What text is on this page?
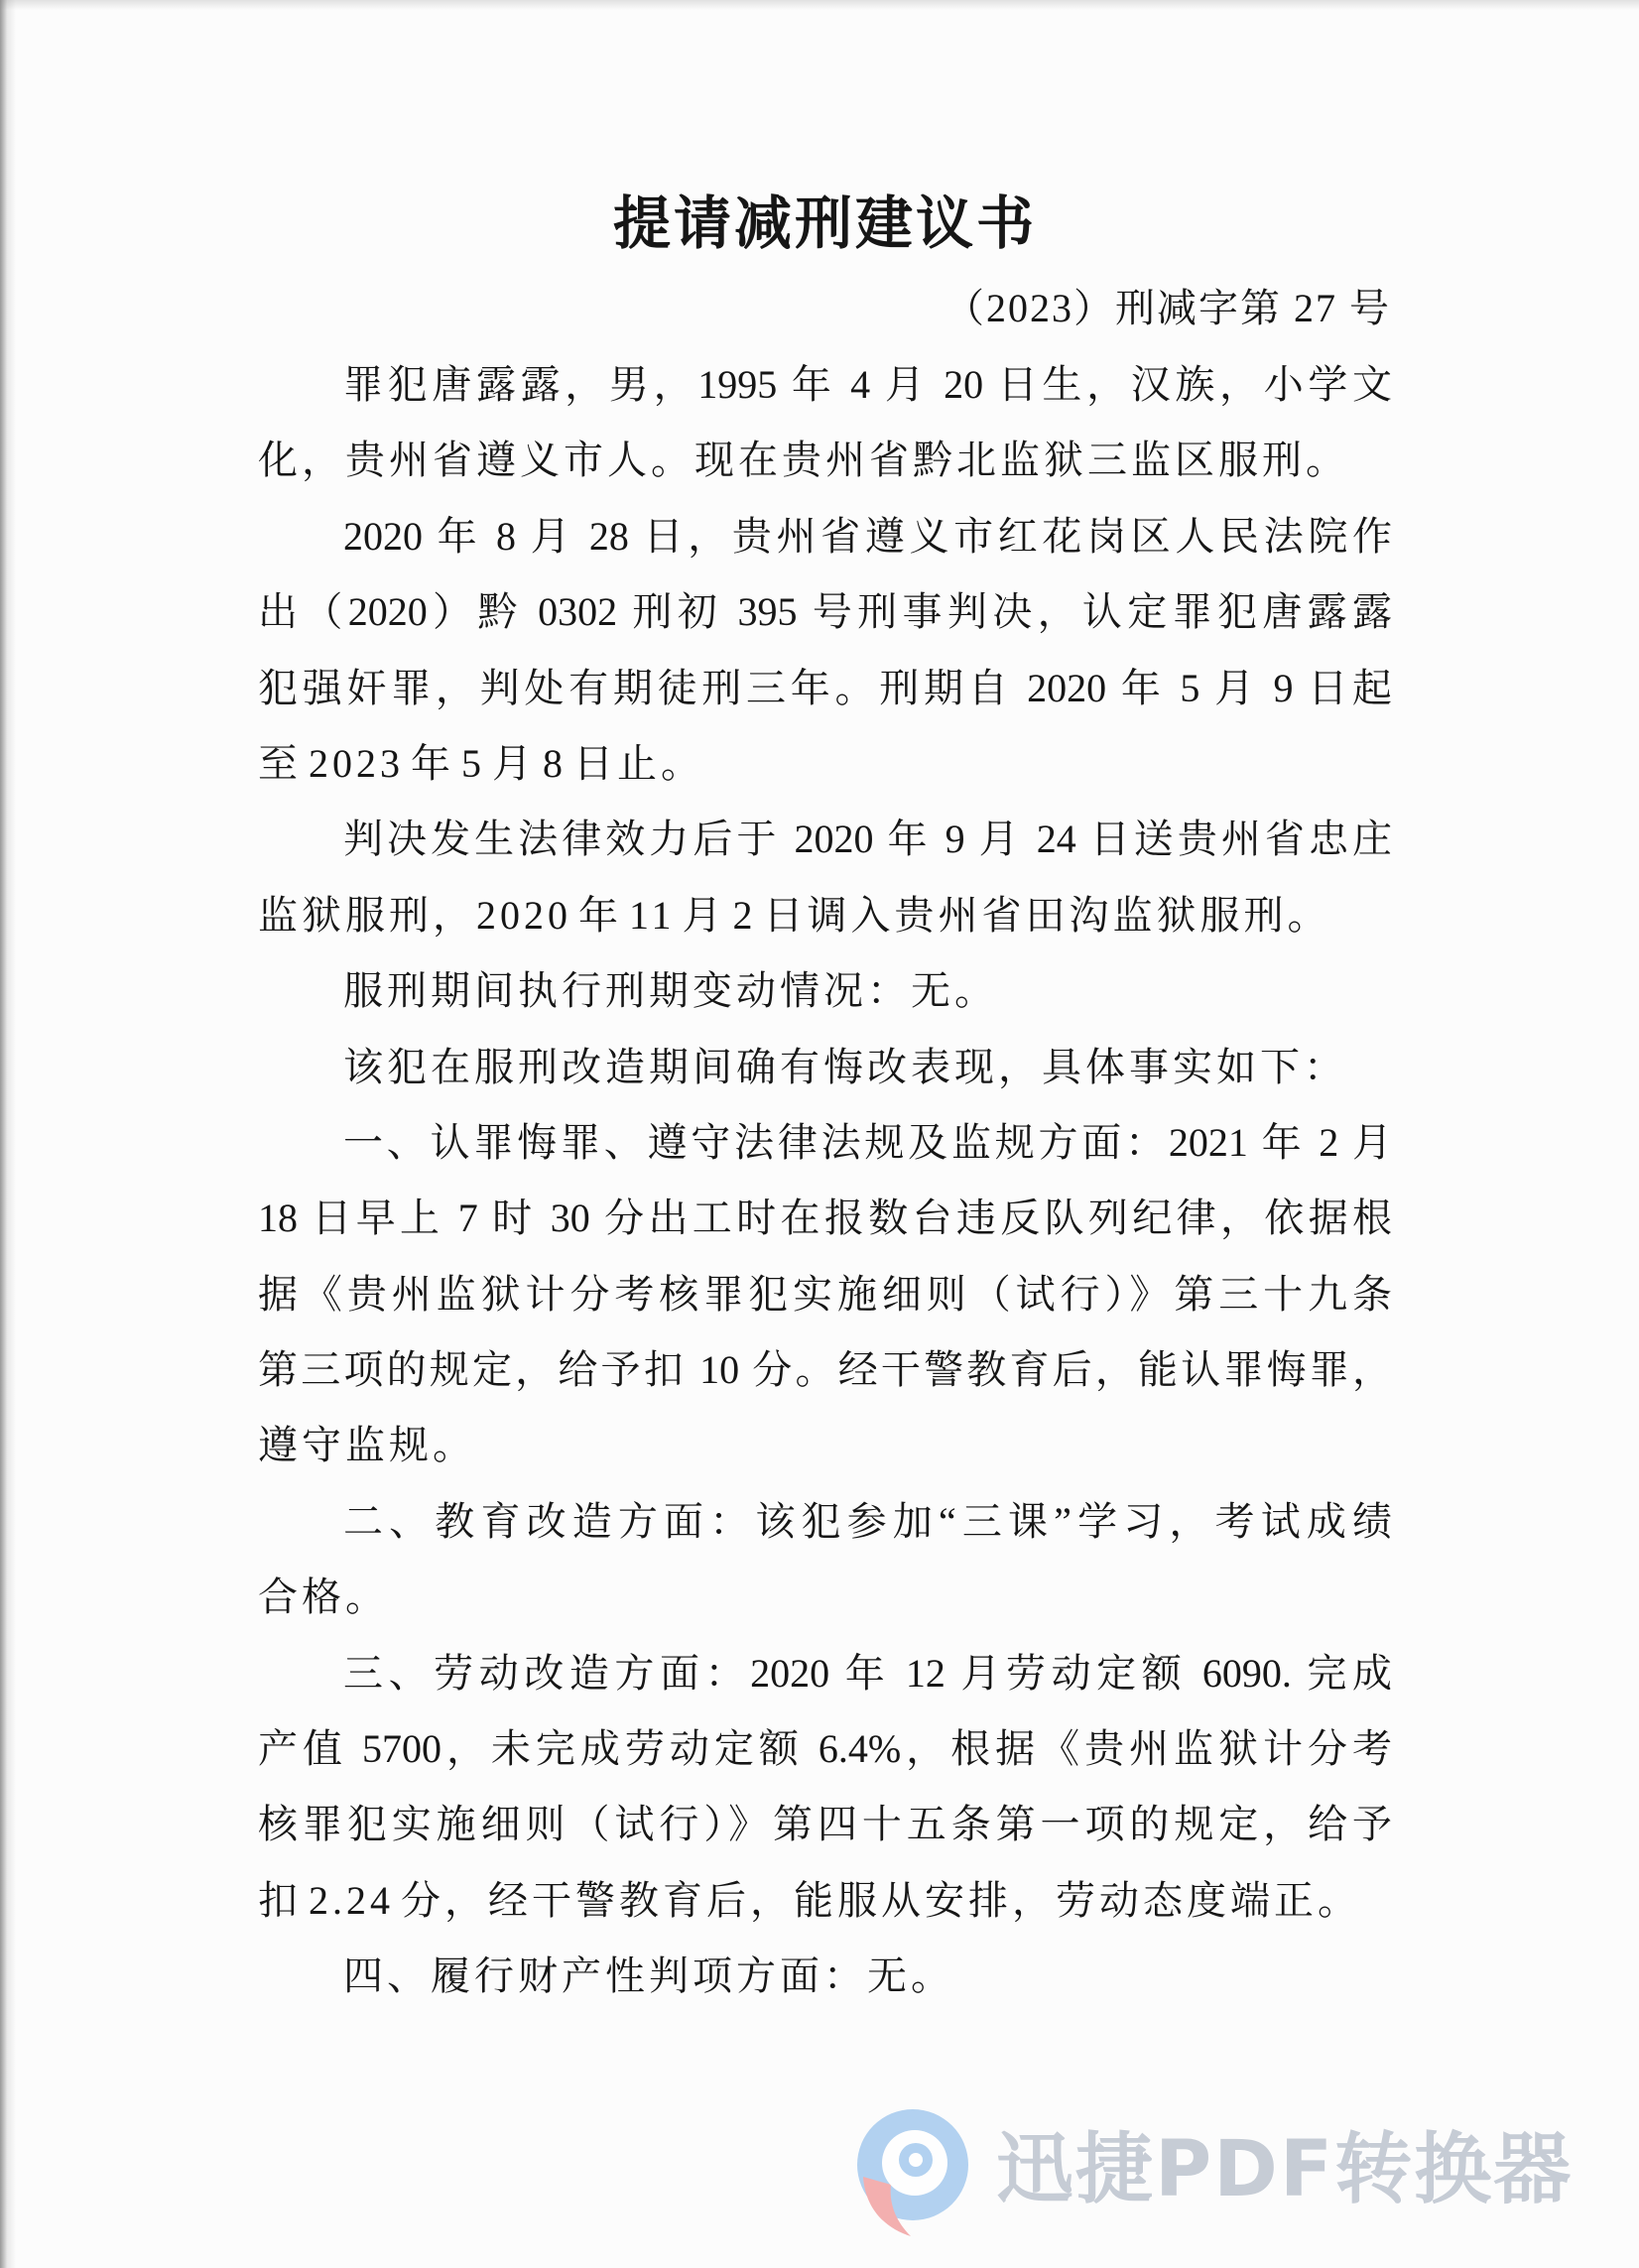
提请减刑建议书
（2023）刑减字第 27 号
罪犯唐露露，男，1995 年 4 月 20 日生，汉族，小学文
化，贵州省遵义市人。现在贵州省黔北监狱三监区服刑。
2020 年 8 月 28 日，贵州省遵义市红花岗区人民法院作
出（2020）黔 0302 刑初 395 号刑事判决，认定罪犯唐露露
犯强奸罪，判处有期徒刑三年。刑期自 2020 年 5 月 9 日起
至 2023 年 5 月 8 日止。
判决发生法律效力后于 2020 年 9 月 24 日送贵州省忠庄
监狱服刑，2020 年 11 月 2 日调入贵州省田沟监狱服刑。
服刑期间执行刑期变动情况：无。
该犯在服刑改造期间确有悔改表现，具体事实如下：
一、认罪悔罪、遵守法律法规及监规方面：2021 年 2 月
18 日早上 7 时 30 分出工时在报数台违反队列纪律，依据根
据《贵州监狱计分考核罪犯实施细则（试行）》第三十九条
第三项的规定，给予扣 10 分。经干警教育后，能认罪悔罪，
遵守监规。
二、教育改造方面：该犯参加“三课”学习，考试成绩
合格。
三、劳动改造方面：2020 年 12 月劳动定额 6090. 完成
产值 5700，未完成劳动定额 6.4%，根据《贵州监狱计分考
核罪犯实施细则（试行）》第四十五条第一项的规定，给予
扣 2.24 分，经干警教育后，能服从安排，劳动态度端正。
四、履行财产性判项方面：无。
迅捷PDF转换器
